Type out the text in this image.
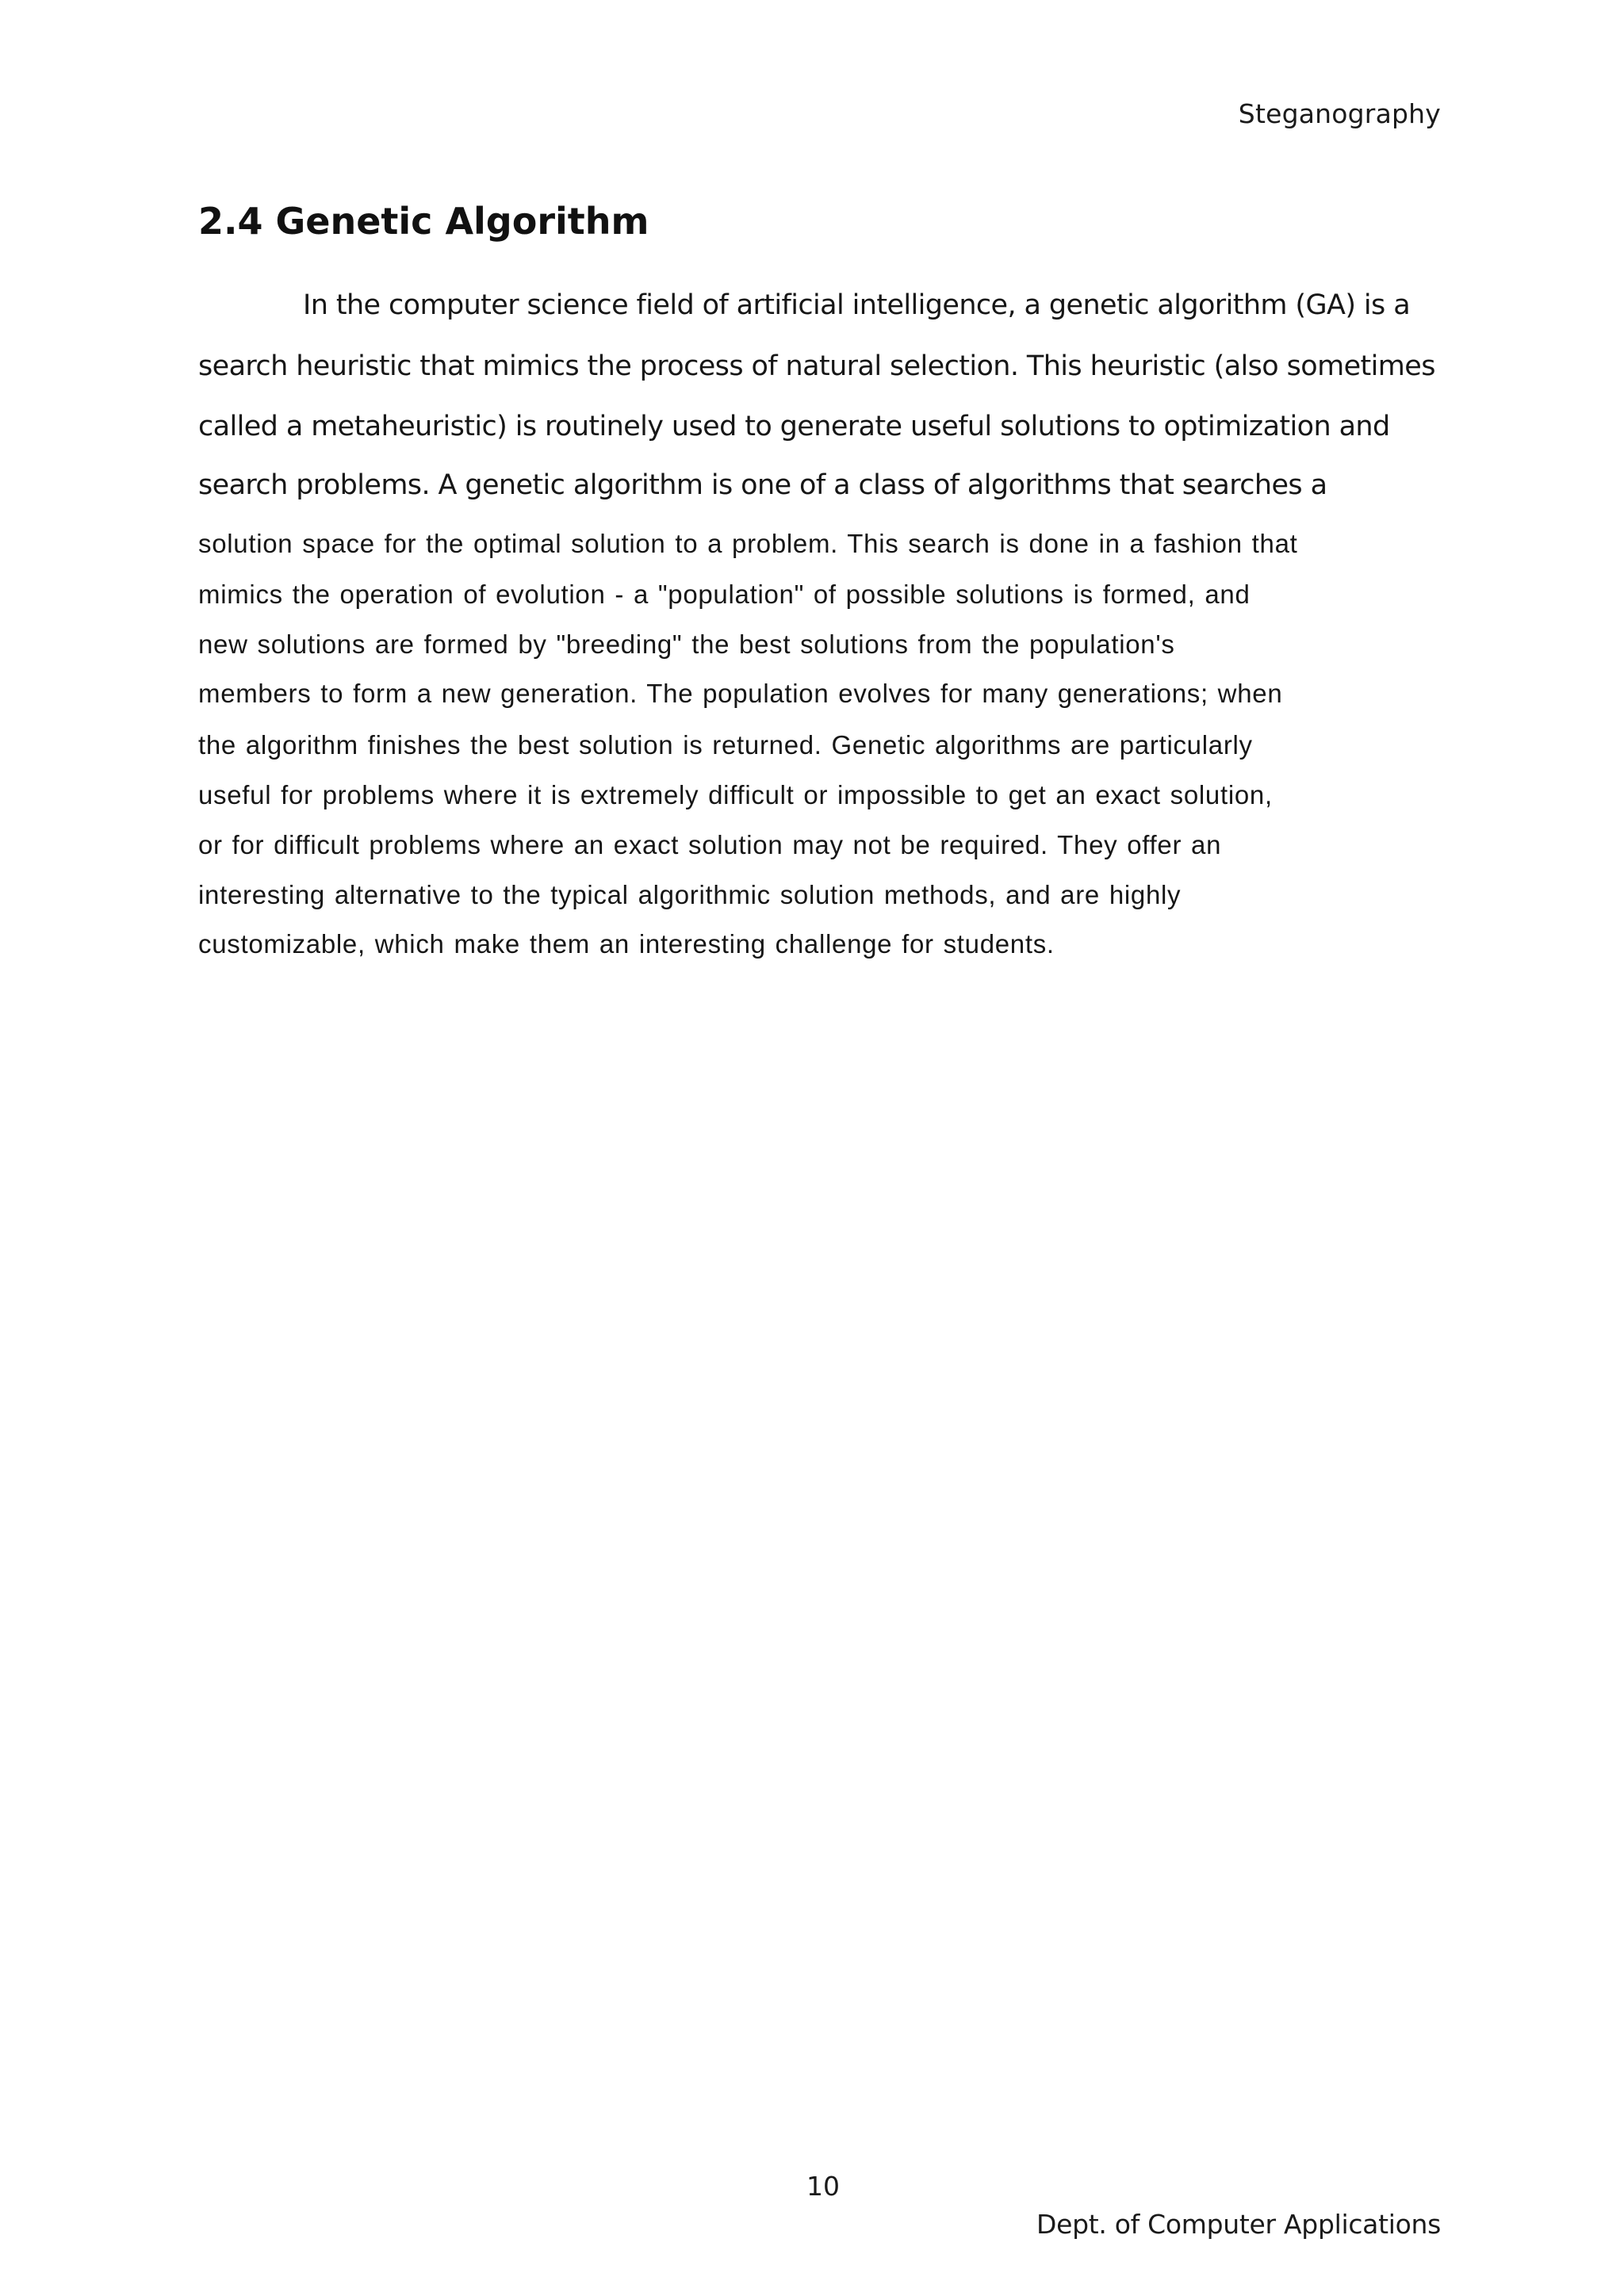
Steganography
2.4 Genetic Algorithm

In the computer science field of artificial intelligence, a genetic algorithm (GA) is a

search heuristic that mimics the process of natural selection. This heuristic (also sometimes

called a metaheuristic) is routinely used to generate useful solutions to optimization and

search problems. A genetic algorithm is one of a class of algorithms that searches a

solution space for the optimal solution to a problem. This search is done in a fashion that

mimics the operation of evolution - a "population" of possible solutions is formed, and

new solutions are formed by "breeding" the best solutions from the population's

members to form a new generation. The population evolves for many generations; when

the algorithm finishes the best solution is returned. Genetic algorithms are particularly

useful for problems where it is extremely difficult or impossible to get an exact solution,

or for difficult problems where an exact solution may not be required. They offer an

interesting alternative to the typical algorithmic solution methods, and are highly

customizable, which make them an interesting challenge for students.

10
Dept. of Computer Applications
